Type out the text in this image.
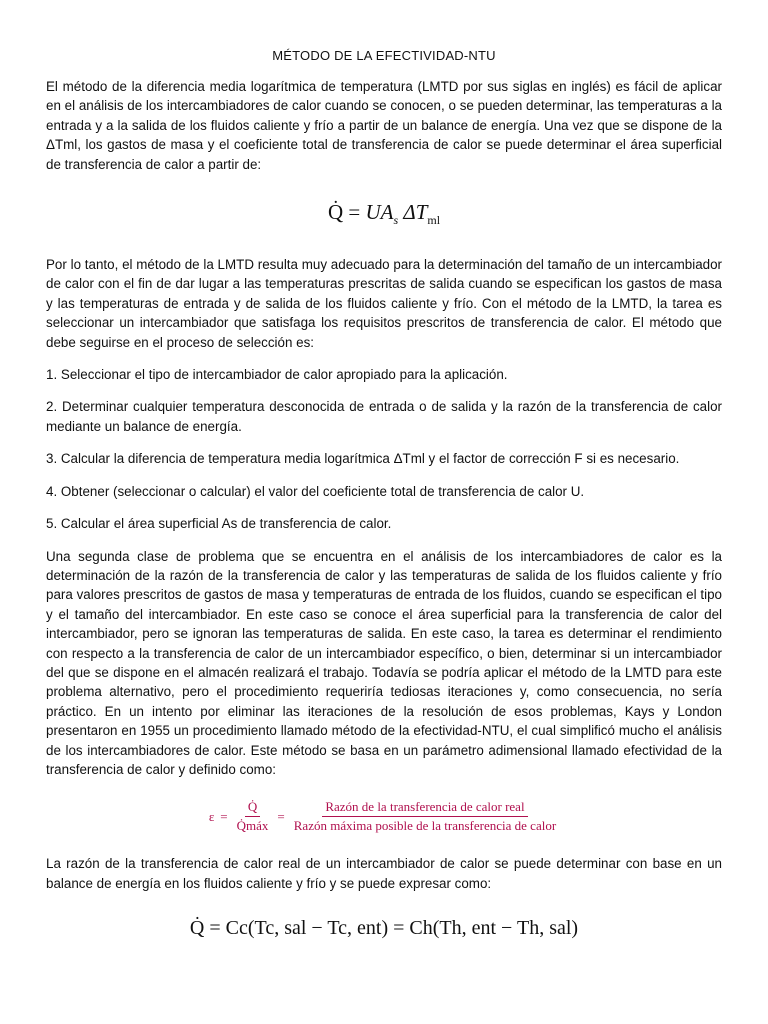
MÉTODO DE LA EFECTIVIDAD-NTU

El método de la diferencia media logarítmica de temperatura (LMTD por sus siglas en inglés) es fácil de aplicar en el análisis de los intercambiadores de calor cuando se conocen, o se pueden determinar, las temperaturas a la entrada y a la salida de los fluidos caliente y frío a partir de un balance de energía. Una vez que se dispone de la ΔTml, los gastos de masa y el coeficiente total de transferencia de calor se puede determinar el área superficial de transferencia de calor a partir de:

Q̇ = $UA_s$ $\Delta T_{ml}$

Por lo tanto, el método de la LMTD resulta muy adecuado para la determinación del tamaño de un intercambiador de calor con el fin de dar lugar a las temperaturas prescritas de salida cuando se especifican los gastos de masa y las temperaturas de entrada y de salida de los fluidos caliente y frío. Con el método de la LMTD, la tarea es seleccionar un intercambiador que satisfaga los requisitos prescritos de transferencia de calor. El método que debe seguirse en el proceso de selección es:

1. Seleccionar el tipo de intercambiador de calor apropiado para la aplicación.

2. Determinar cualquier temperatura desconocida de entrada o de salida y la razón de la transferencia de calor mediante un balance de energía.

3. Calcular la diferencia de temperatura media logarítmica ΔTml y el factor de corrección F si es necesario.

4. Obtener (seleccionar o calcular) el valor del coeficiente total de transferencia de calor U.

5. Calcular el área superficial As de transferencia de calor.

Una segunda clase de problema que se encuentra en el análisis de los intercambiadores de calor es la determinación de la razón de la transferencia de calor y las temperaturas de salida de los fluidos caliente y frío para valores prescritos de gastos de masa y temperaturas de entrada de los fluidos, cuando se especifican el tipo y el tamaño del intercambiador. En este caso se conoce el área superficial para la transferencia de calor del intercambiador, pero se ignoran las temperaturas de salida. En este caso, la tarea es determinar el rendimiento con respecto a la transferencia de calor de un intercambiador específico, o bien, determinar si un intercambiador del que se dispone en el almacén realizará el trabajo. Todavía se podría aplicar el método de la LMTD para este problema alternativo, pero el procedimiento requeriría tediosas iteraciones y, como consecuencia, no sería práctico. En un intento por eliminar las iteraciones de la resolución de esos problemas, Kays y London presentaron en 1955 un procedimiento llamado método de la efectividad-NTU, el cual simplificó mucho el análisis de los intercambiadores de calor. Este método se basa en un parámetro adimensional llamado efectividad de la transferencia de calor y definido como:

$\varepsilon = \frac{Q̇}{\text{Q̇máx}} = \frac{\text{Razón de la transferencia de calor real}}{\text{Razón máxima posible de la transferencia de calor}}$

La razón de la transferencia de calor real de un intercambiador de calor se puede determinar con base en un balance de energía en los fluidos caliente y frío y se puede expresar como:

Q̇ = Cc(Tc, sal − Tc, ent) = Ch(Th, ent − Th, sal)
